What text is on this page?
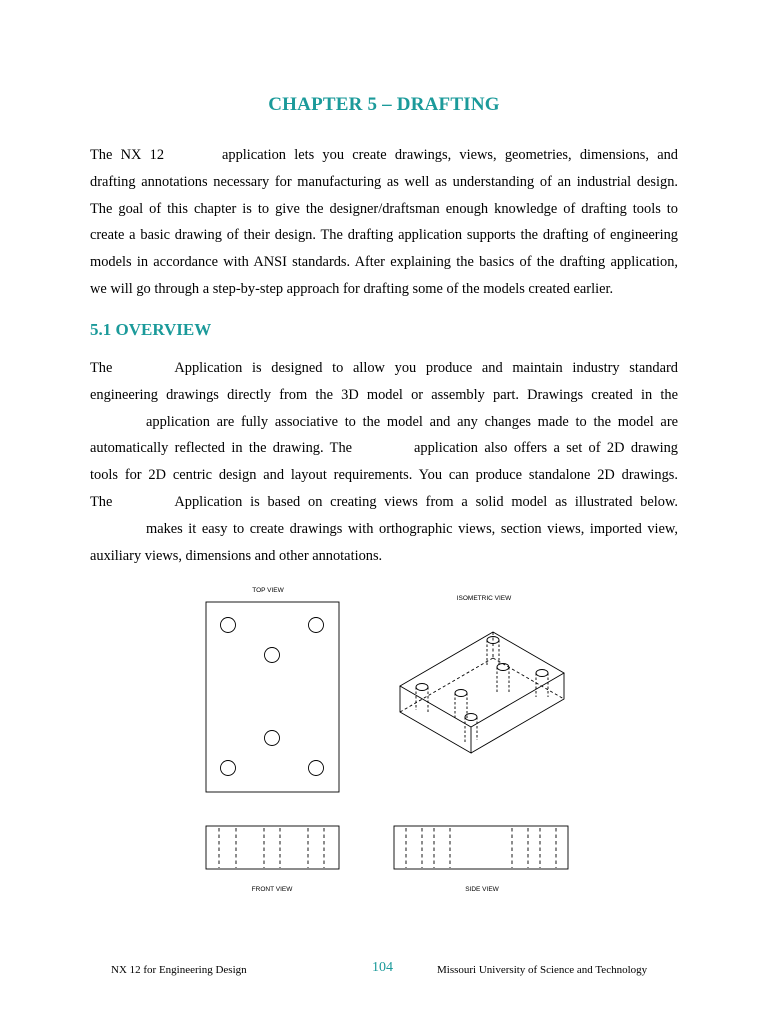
CHAPTER 5 – DRAFTING
The NX 12	application lets you create drawings, views, geometries, dimensions, and
drafting annotations necessary for manufacturing as well as understanding of an industrial design.
The goal of this chapter is to give the designer/draftsman enough knowledge of drafting tools to
create a basic drawing of their design. The drafting application supports the drafting of engineering
models in accordance with ANSI standards. After explaining the basics of the drafting application,
we will go through a step-by-step approach for drafting some of the models created earlier.
5.1 OVERVIEW
The	Application is designed to allow you produce and maintain industry standard
engineering drawings directly from the 3D model or assembly part. Drawings created in the
application are fully associative to the model and any changes made to the model are
automatically reflected in the drawing. The	application also offers a set of 2D drawing
tools for 2D centric design and layout requirements. You can produce standalone 2D drawings.
The	Application is based on creating views from a solid model as illustrated below.
makes it easy to create drawings with orthographic views, section views, imported view,
auxiliary views, dimensions and other annotations.
TOP VIEW
ISOMETRIC VIEW
FRONT VIEW	SIDE VIEW
NX 12 for Engineering Design	104	Missouri University of Science and Technology
